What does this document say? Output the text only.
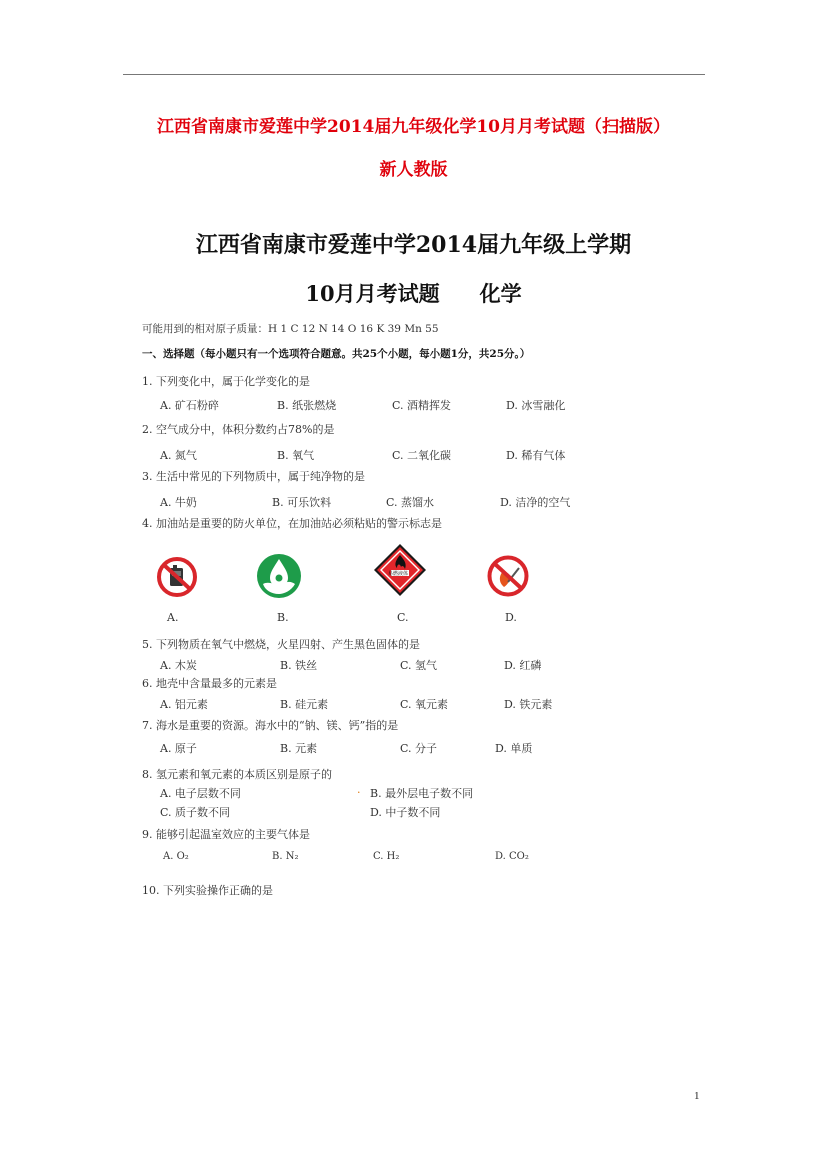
江西省南康市爱莲中学2014届九年级化学10月月考试题（扫描版）
新人教版
江西省南康市爱莲中学2014届九年级上学期
10月月考试题 化学
可能用到的相对原子质量：H 1 C 12 N 14 O 16 K 39 Mn 55
一、选择题（每小题只有一个选项符合题意。共25个小题，每小题1分，共25分。）
1. 下列变化中，属于化学变化的是
A. 矿石粉碎	B. 纸张燃烧	C. 酒精挥发	D. 冰雪融化
2. 空气成分中，体积分数约占78%的是
A. 氮气	B. 氧气	C. 二氧化碳	D. 稀有气体
3. 生活中常见的下列物质中，属于纯净物的是
A. 牛奶	B. 可乐饮料	C. 蒸馏水	D. 洁净的空气
4. 加油站是重要的防火单位，在加油站必须粘贴的警示标志是
易燃液体
A.	B.	C.	D.
5. 下列物质在氧气中燃烧，火星四射、产生黑色固体的是
A. 木炭	B. 铁丝	C. 氢气	D. 红磷
6. 地壳中含量最多的元素是
A. 铝元素	B. 硅元素	C. 氧元素	D. 铁元素
7. 海水是重要的资源。海水中的“钠、镁、钙”指的是
A. 原子	B. 元素	C. 分子	D. 单质
8. 氢元素和氧元素的本质区别是原子的
A. 电子层数不同	. B. 最外层电子数不同
C. 质子数不同	D. 中子数不同
9. 能够引起温室效应的主要气体是
A. O₂	B. N₂	C. H₂	D. CO₂
10. 下列实验操作正确的是
1
